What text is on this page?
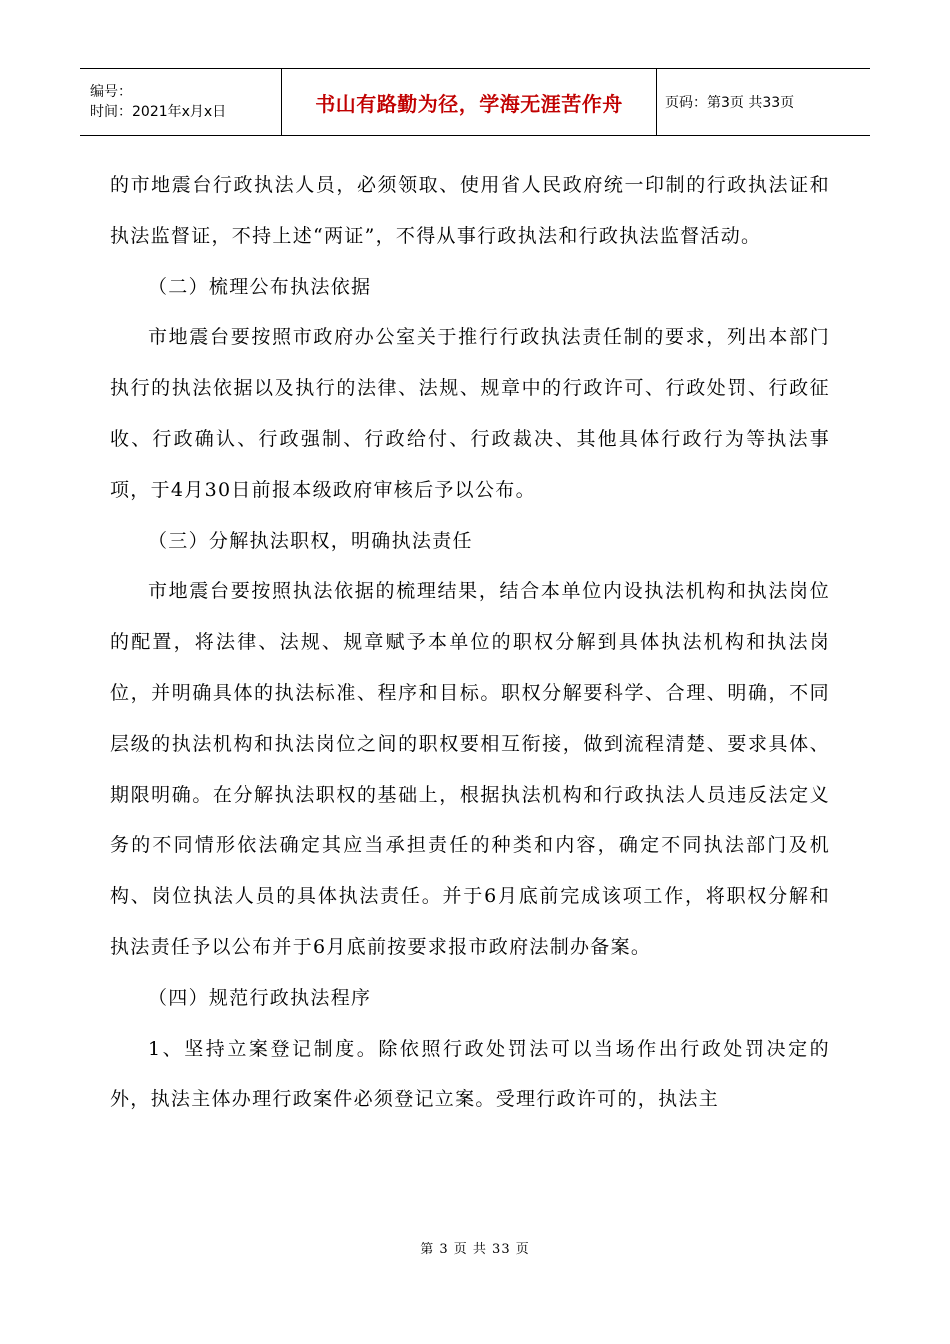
编号：
时间：2021年x月x日	书山有路勤为径，学海无涯苦作舟	页码：第3页 共33页

的市地震台行政执法人员，必须领取、使用省人民政府统一印制的行政执法证和执法监督证，不持上述“两证”，不得从事行政执法和行政执法监督活动。

（二）梳理公布执法依据

市地震台要按照市政府办公室关于推行行政执法责任制的要求，列出本部门执行的执法依据以及执行的法律、法规、规章中的行政许可、行政处罚、行政征收、行政确认、行政强制、行政给付、行政裁决、其他具体行政行为等执法事项，于4月30日前报本级政府审核后予以公布。

（三）分解执法职权，明确执法责任

市地震台要按照执法依据的梳理结果，结合本单位内设执法机构和执法岗位的配置，将法律、法规、规章赋予本单位的职权分解到具体执法机构和执法岗位，并明确具体的执法标准、程序和目标。职权分解要科学、合理、明确，不同层级的执法机构和执法岗位之间的职权要相互衔接，做到流程清楚、要求具体、期限明确。在分解执法职权的基础上，根据执法机构和行政执法人员违反法定义务的不同情形依法确定其应当承担责任的种类和内容，确定不同执法部门及机构、岗位执法人员的具体执法责任。并于6月底前完成该项工作，将职权分解和执法责任予以公布并于6月底前按要求报市政府法制办备案。

（四）规范行政执法程序

1、坚持立案登记制度。除依照行政处罚法可以当场作出行政处罚决定的外，执法主体办理行政案件必须登记立案。受理行政许可的，执法主

第 3 页 共 33 页
